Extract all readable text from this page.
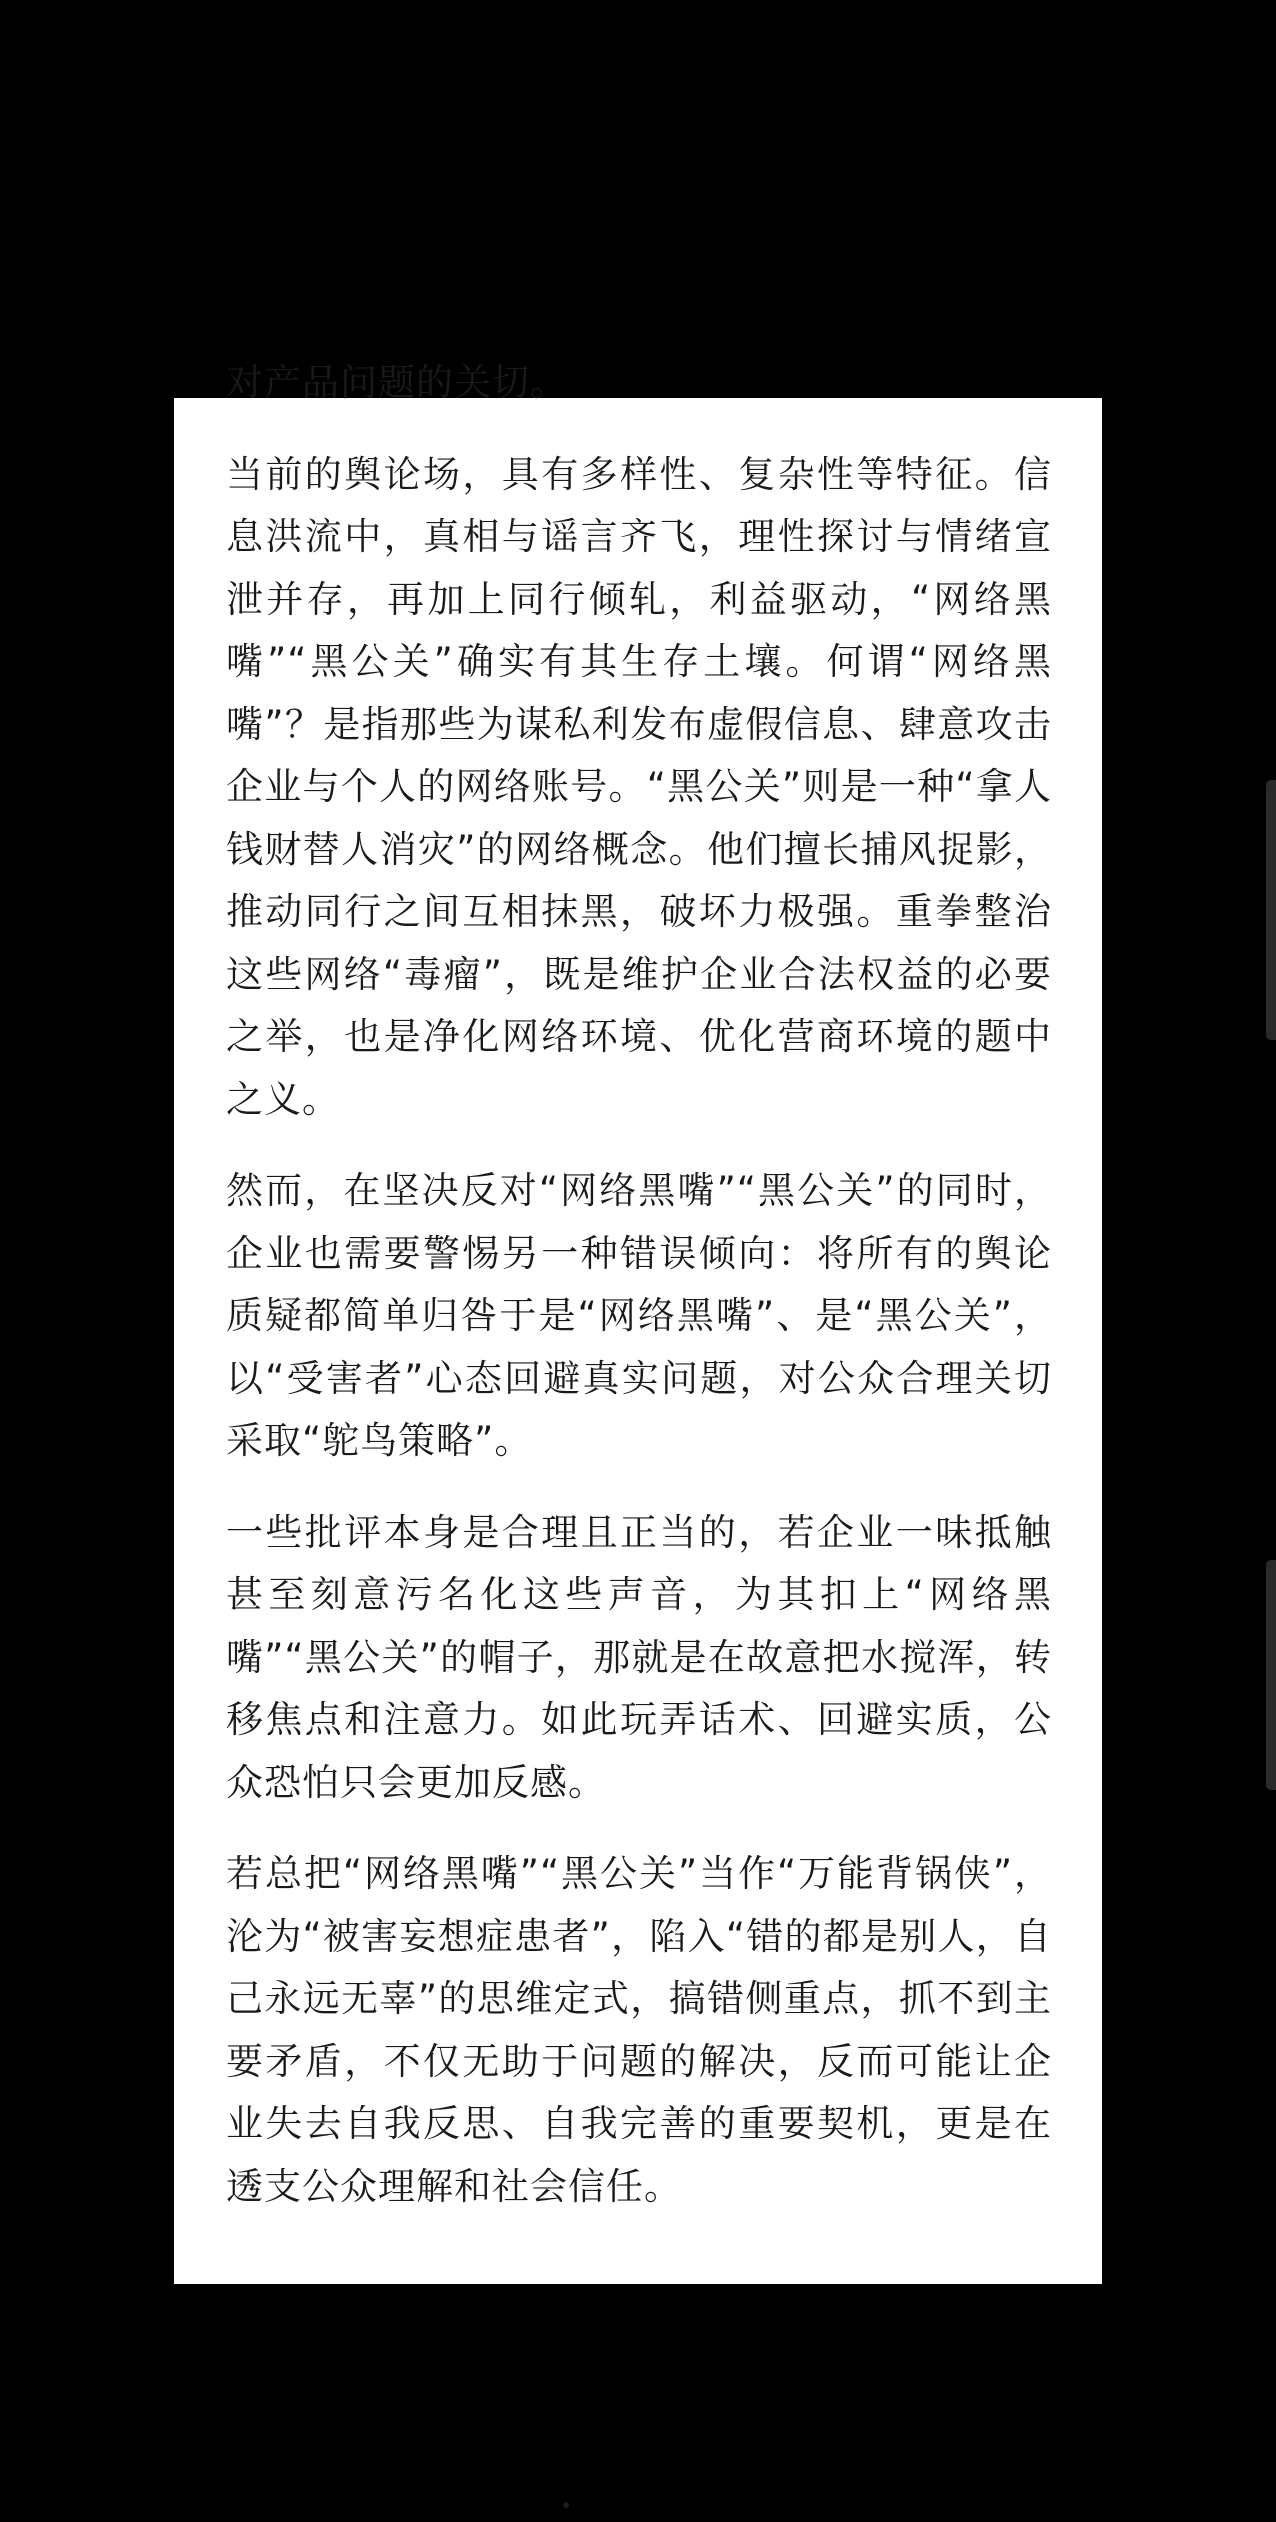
对产品问题的关切。

当前的舆论场，具有多样性、复杂性等特征。信息洪流中，真相与谣言齐飞，理性探讨与情绪宣泄并存，再加上同行倾轧，利益驱动，“网络黑嘴”“黑公关”确实有其生存土壤。何谓“网络黑嘴”？是指那些为谋私利发布虚假信息、肆意攻击企业与个人的网络账号。“黑公关”则是一种“拿人钱财替人消灾”的网络概念。他们擅长捕风捉影，推动同行之间互相抹黑，破坏力极强。重拳整治这些网络“毒瘤”，既是维护企业合法权益的必要之举，也是净化网络环境、优化营商环境的题中之义。

然而，在坚决反对“网络黑嘴”“黑公关”的同时，企业也需要警惕另一种错误倾向：将所有的舆论质疑都简单归咎于是“网络黑嘴”、是“黑公关”，以“受害者”心态回避真实问题，对公众合理关切采取“鸵鸟策略”。

一些批评本身是合理且正当的，若企业一味抵触甚至刻意污名化这些声音，为其扣上“网络黑嘴”“黑公关”的帽子，那就是在故意把水搅浑，转移焦点和注意力。如此玩弄话术、回避实质，公众恐怕只会更加反感。

若总把“网络黑嘴”“黑公关”当作“万能背锅侠”，沦为“被害妄想症患者”，陷入“错的都是别人，自己永远无辜”的思维定式，搞错侧重点，抓不到主要矛盾，不仅无助于问题的解决，反而可能让企业失去自我反思、自我完善的重要契机，更是在透支公众理解和社会信任。
